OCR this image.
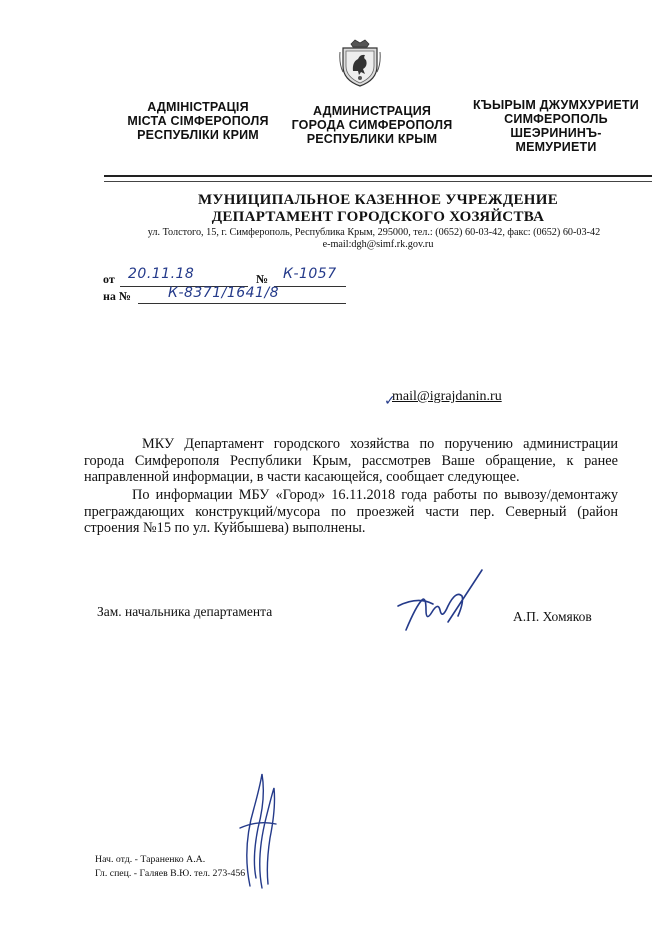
АДМІНІСТРАЦІЯ
МІСТА СІМФЕРОПОЛЯ
РЕСПУБЛІКИ КРИМ
АДМИНИСТРАЦИЯ
ГОРОДА СИМФЕРОПОЛЯ
РЕСПУБЛИКИ КРЫМ
КЪЫРЫМ ДЖУМХУРИЕТИ
СИМФЕРОПОЛЬ
ШЕЭРИНИНЪ-
МЕМУРИЕТИ
МУНИЦИПАЛЬНОЕ КАЗЕННОЕ УЧРЕЖДЕНИЕ
ДЕПАРТАМЕНТ ГОРОДСКОГО ХОЗЯЙСТВА
ул. Толстого, 15, г. Симферополь, Республика Крым, 295000, тел.: (0652) 60-03-42, факс: (0652) 60-03-42
e-mail:dgh@simf.rk.gov.ru
от 20.11.18	№ К-1057
на №	К-8371/1641/8
✓
mail@igrajdanin.ru
МКУ Департамент городского хозяйства по поручению администрации города Симферополя Республики Крым, рассмотрев Ваше обращение, к ранее направленной информации, в части касающейся, сообщает следующее.
По информации МБУ «Город» 16.11.2018 года работы по вывозу/демонтажу преграждающих конструкций/мусора по проезжей части пер. Северный (район строения №15 по ул. Куйбышева) выполнены.
Зам. начальника департамента	А.П. Хомяков
Нач. отд. - Тараненко А.А.
Гл. спец. - Галяев В.Ю. тел. 273-456
